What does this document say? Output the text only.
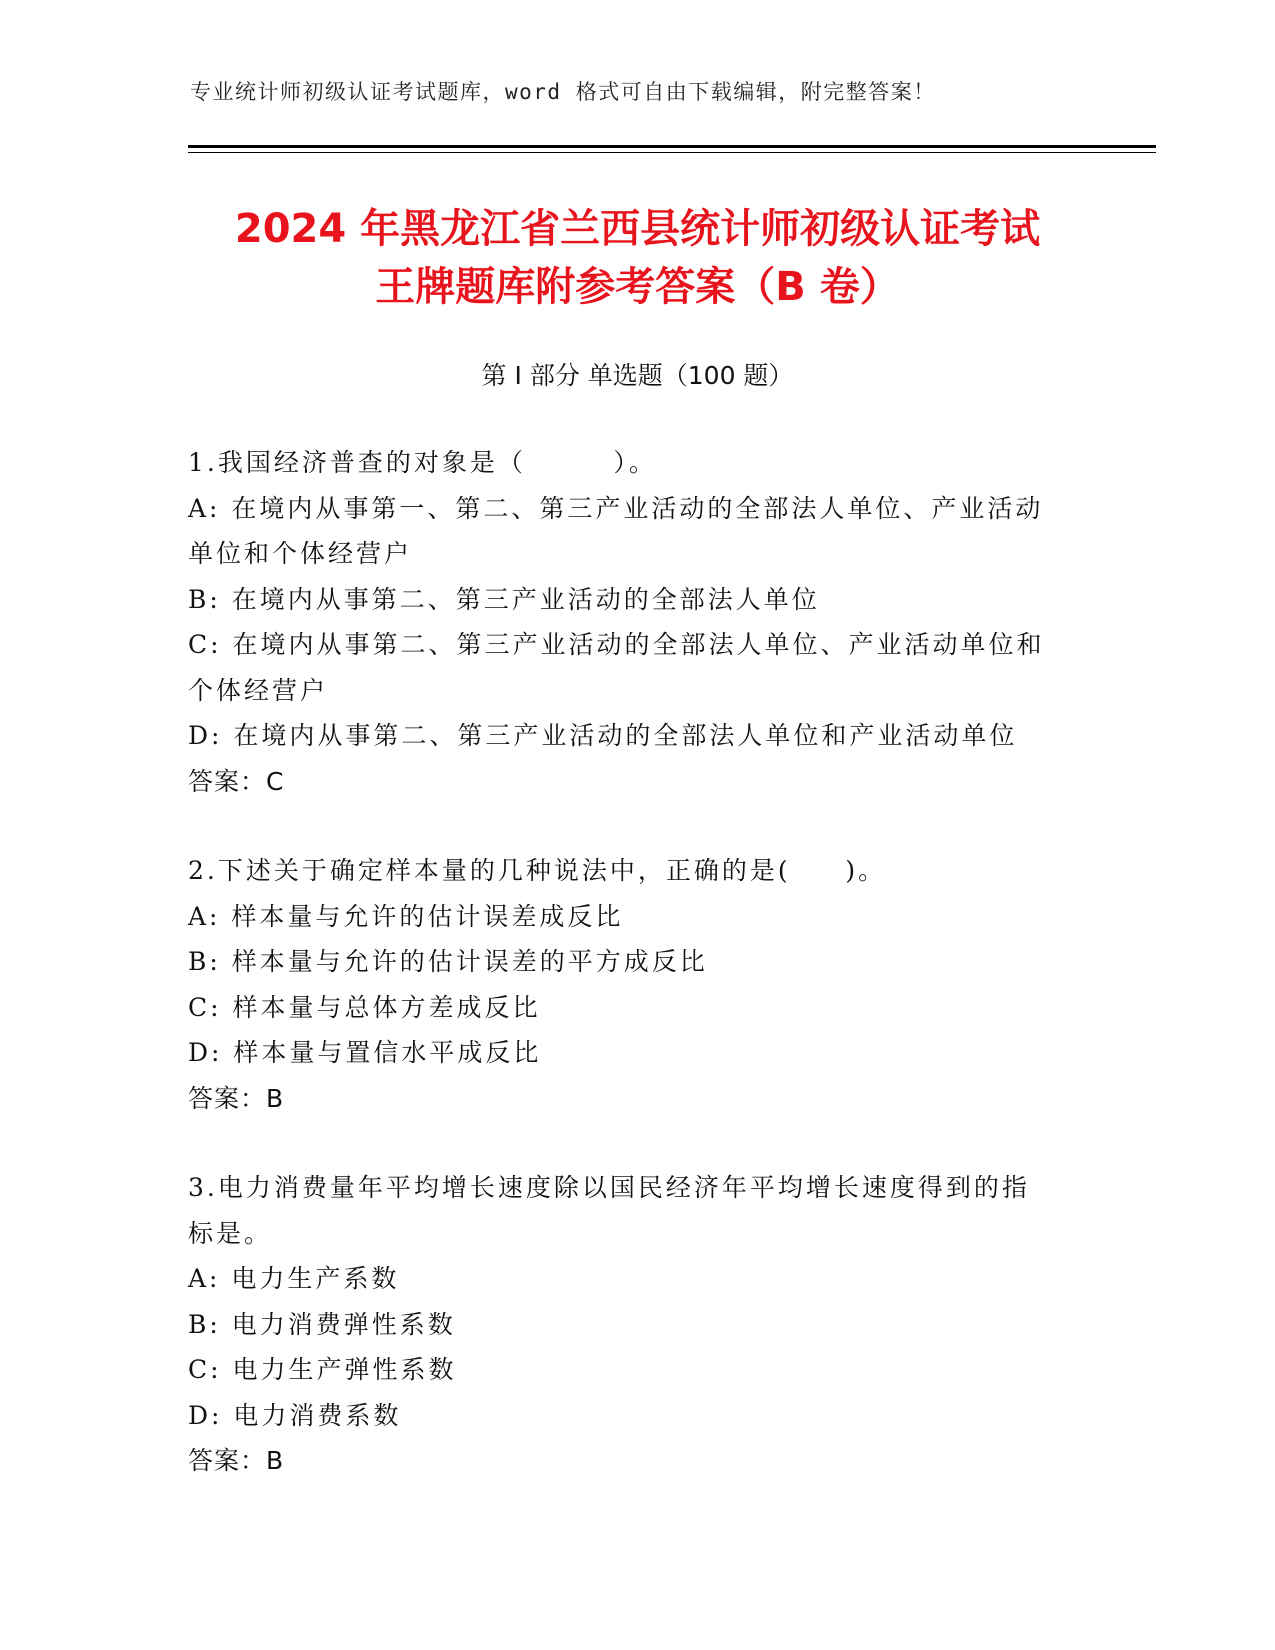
专业统计师初级认证考试题库，word 格式可自由下载编辑，附完整答案！
2024 年黑龙江省兰西县统计师初级认证考试
王牌题库附参考答案（B 卷）
第 I 部分 单选题（100 题）
1.我国经济普查的对象是（        ）。
A: 在境内从事第一、第二、第三产业活动的全部法人单位、产业活动
单位和个体经营户
B: 在境内从事第二、第三产业活动的全部法人单位
C: 在境内从事第二、第三产业活动的全部法人单位、产业活动单位和
个体经营户
D: 在境内从事第二、第三产业活动的全部法人单位和产业活动单位
答案：C
2.下述关于确定样本量的几种说法中，正确的是(     )。
A: 样本量与允许的估计误差成反比
B: 样本量与允许的估计误差的平方成反比
C: 样本量与总体方差成反比
D: 样本量与置信水平成反比
答案：B
3.电力消费量年平均增长速度除以国民经济年平均增长速度得到的指
标是。
A: 电力生产系数
B: 电力消费弹性系数
C: 电力生产弹性系数
D: 电力消费系数
答案：B
